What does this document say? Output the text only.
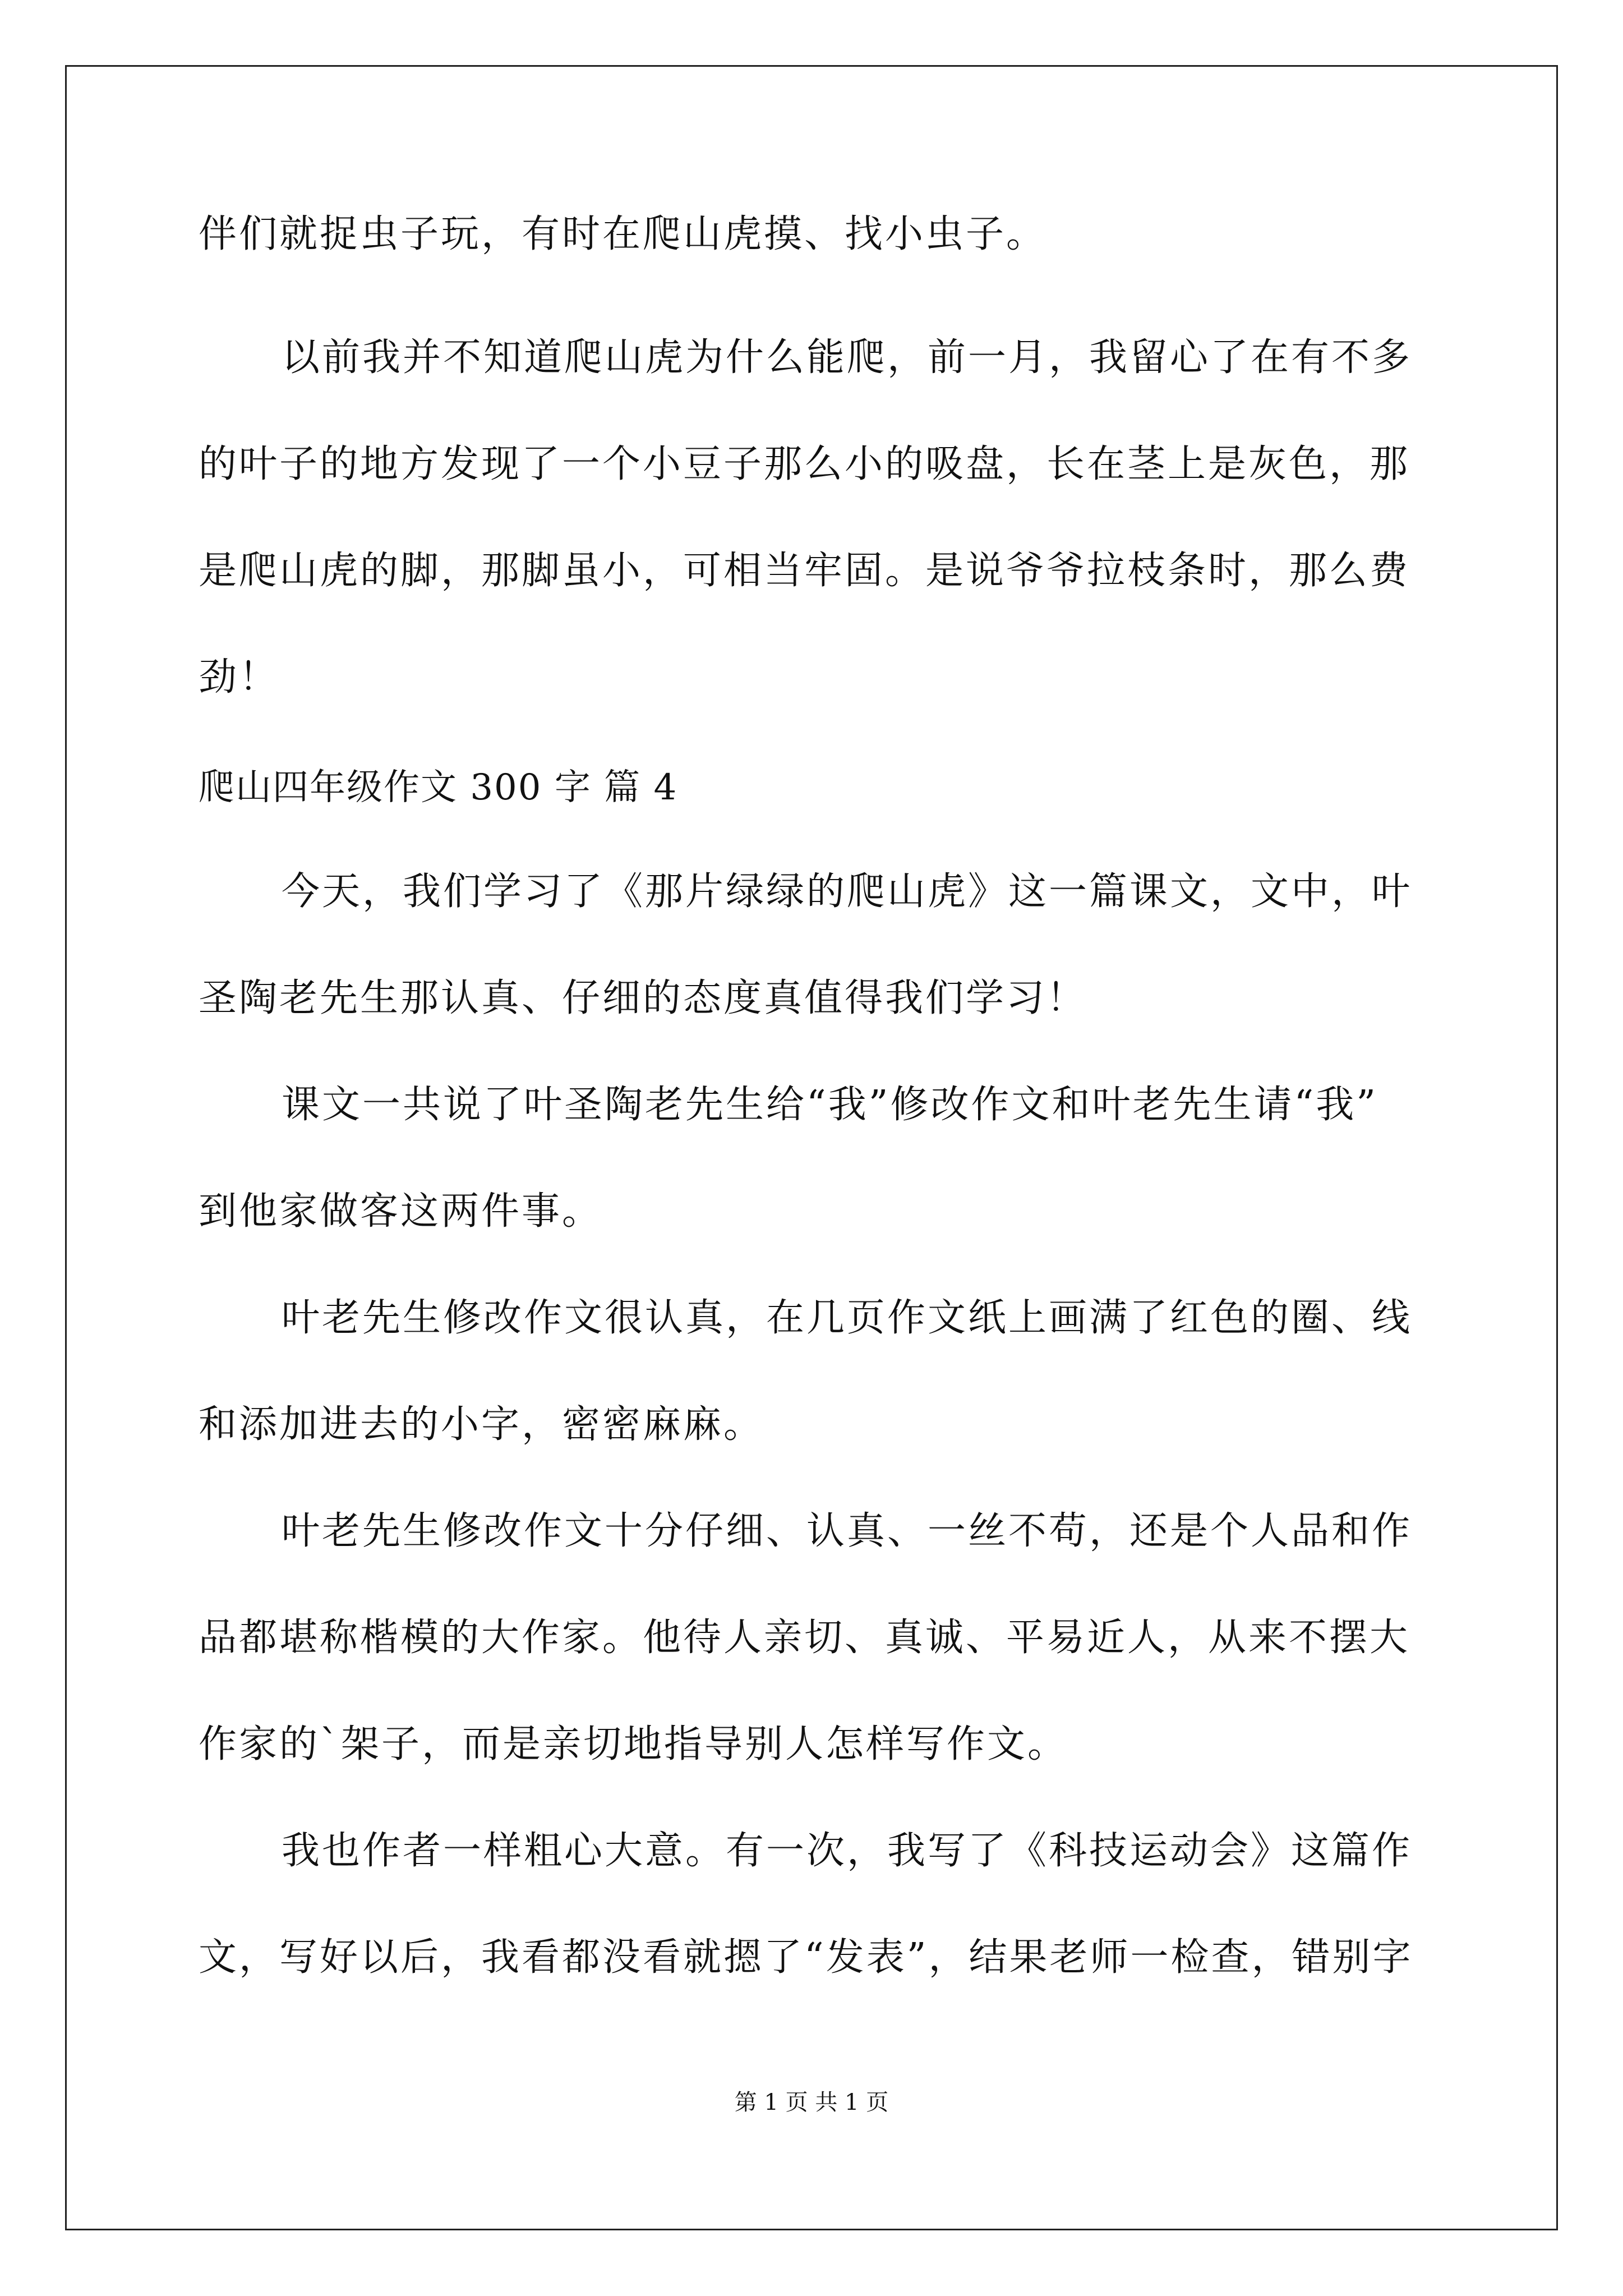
伴们就捉虫子玩，有时在爬山虎摸、找小虫子。
以前我并不知道爬山虎为什么能爬，前一月，我留心了在有不多
的叶子的地方发现了一个小豆子那么小的吸盘，长在茎上是灰色，那
是爬山虎的脚，那脚虽小，可相当牢固。是说爷爷拉枝条时，那么费
劲！
爬山四年级作文 300 字 篇 4
今天，我们学习了《那片绿绿的爬山虎》这一篇课文，文中，叶
圣陶老先生那认真、仔细的态度真值得我们学习！
课文一共说了叶圣陶老先生给“我”修改作文和叶老先生请“我”
到他家做客这两件事。
叶老先生修改作文很认真，在几页作文纸上画满了红色的圈、线
和添加进去的小字，密密麻麻。
叶老先生修改作文十分仔细、认真、一丝不苟，还是个人品和作
品都堪称楷模的大作家。他待人亲切、真诚、平易近人，从来不摆大
作家的`架子，而是亲切地指导别人怎样写作文。
我也作者一样粗心大意。有一次，我写了《科技运动会》这篇作
文，写好以后，我看都没看就摁了“发表”，结果老师一检查，错别字
第 1 页 共 1 页
